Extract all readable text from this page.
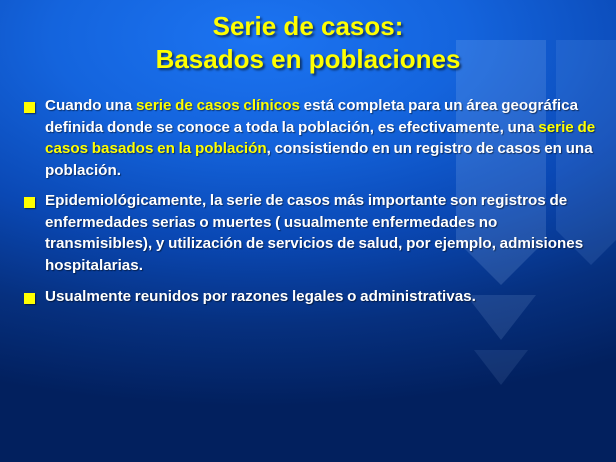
Serie de casos:
Basados en poblaciones
Cuando una serie de casos clínicos está completa para un área geográfica definida donde se conoce a toda la población, es efectivamente, una serie de casos basados en la población, consistiendo en un registro de casos en una población.
Epidemiológicamente, la serie de casos más importante son registros de enfermedades serias o muertes ( usualmente enfermedades no transmisibles), y utilización de servicios de salud, por ejemplo, admisiones hospitalarias.
Usualmente reunidos por razones legales o administrativas.
